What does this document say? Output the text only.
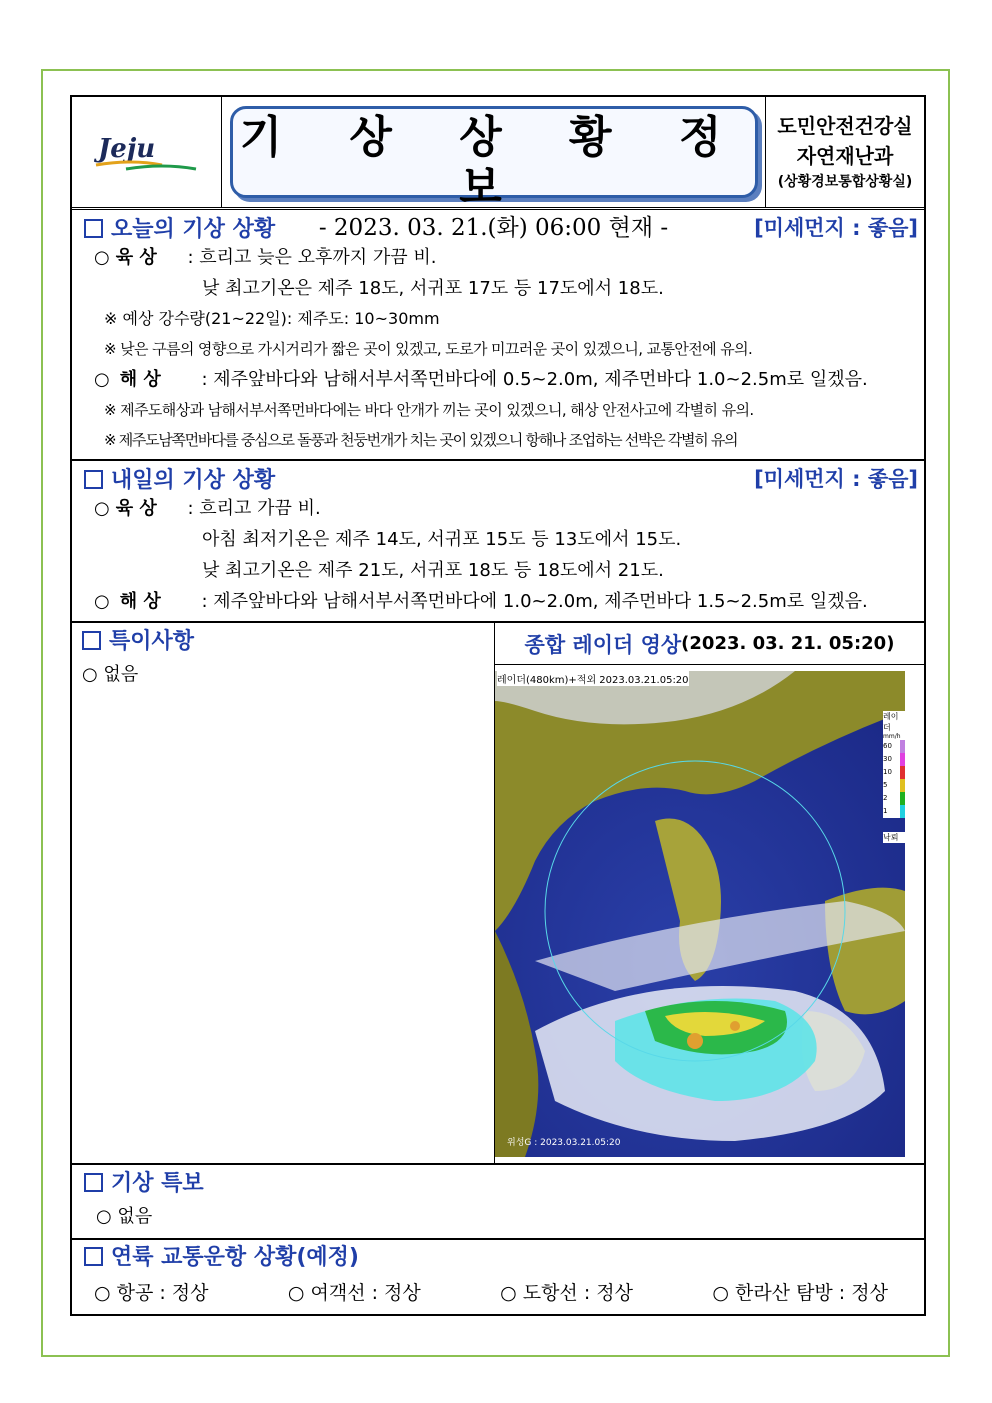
Jeju 기 상 상 황 정 보
- 2023. 03. 21.(화) 06:00 현재 -
도민안전건강실
자연재난과
(상황경보통합상황실)
오늘의 기상 상황	[미세먼지 : 좋음]
○ 육 상 : 흐리고 늦은 오후까지 가끔 비.
낮 최고기온은 제주 18도, 서귀포 17도 등 17도에서 18도.
※ 예상 강수량(21~22일): 제주도: 10~30mm
※ 낮은 구름의 영향으로 가시거리가 짧은 곳이 있겠고, 도로가 미끄러운 곳이 있겠으니, 교통안전에 유의.
○ 해 상 : 제주앞바다와 남해서부서쪽먼바다에 0.5~2.0m, 제주먼바다 1.0~2.5m로 일겠음.
※ 제주도해상과 남해서부서쪽먼바다에는 바다 안개가 끼는 곳이 있겠으니, 해상 안전사고에 각별히 유의.
※ 제주도남쪽먼바다를 중심으로 돌풍과 천둥번개가 치는 곳이 있겠으니 항해나 조업하는 선박은 각별히 유의
내일의 기상 상황	[미세먼지 : 좋음]
○ 육 상 : 흐리고 가끔 비.
아침 최저기온은 제주 14도, 서귀포 15도 등 13도에서 15도.
낮 최고기온은 제주 21도, 서귀포 18도 등 18도에서 21도.
○ 해 상 : 제주앞바다와 남해서부서쪽먼바다에 1.0~2.0m, 제주먼바다 1.5~2.5m로 일겠음.
특이사항
○ 없음
종합 레이더 영상 (2023. 03. 21. 05:20)
레이더(480km)+적외 2023.03.21.05:20
위성G : 2023.03.21.05:20
레이더
mm/h
60
30
10
5
2
1
낙뢰
기상 특보
○ 없음
연륙 교통운항 상황(예정)
○ 항공 : 정상	○ 여객선 : 정상	○ 도항선 : 정상	○ 한라산 탐방 : 정상
